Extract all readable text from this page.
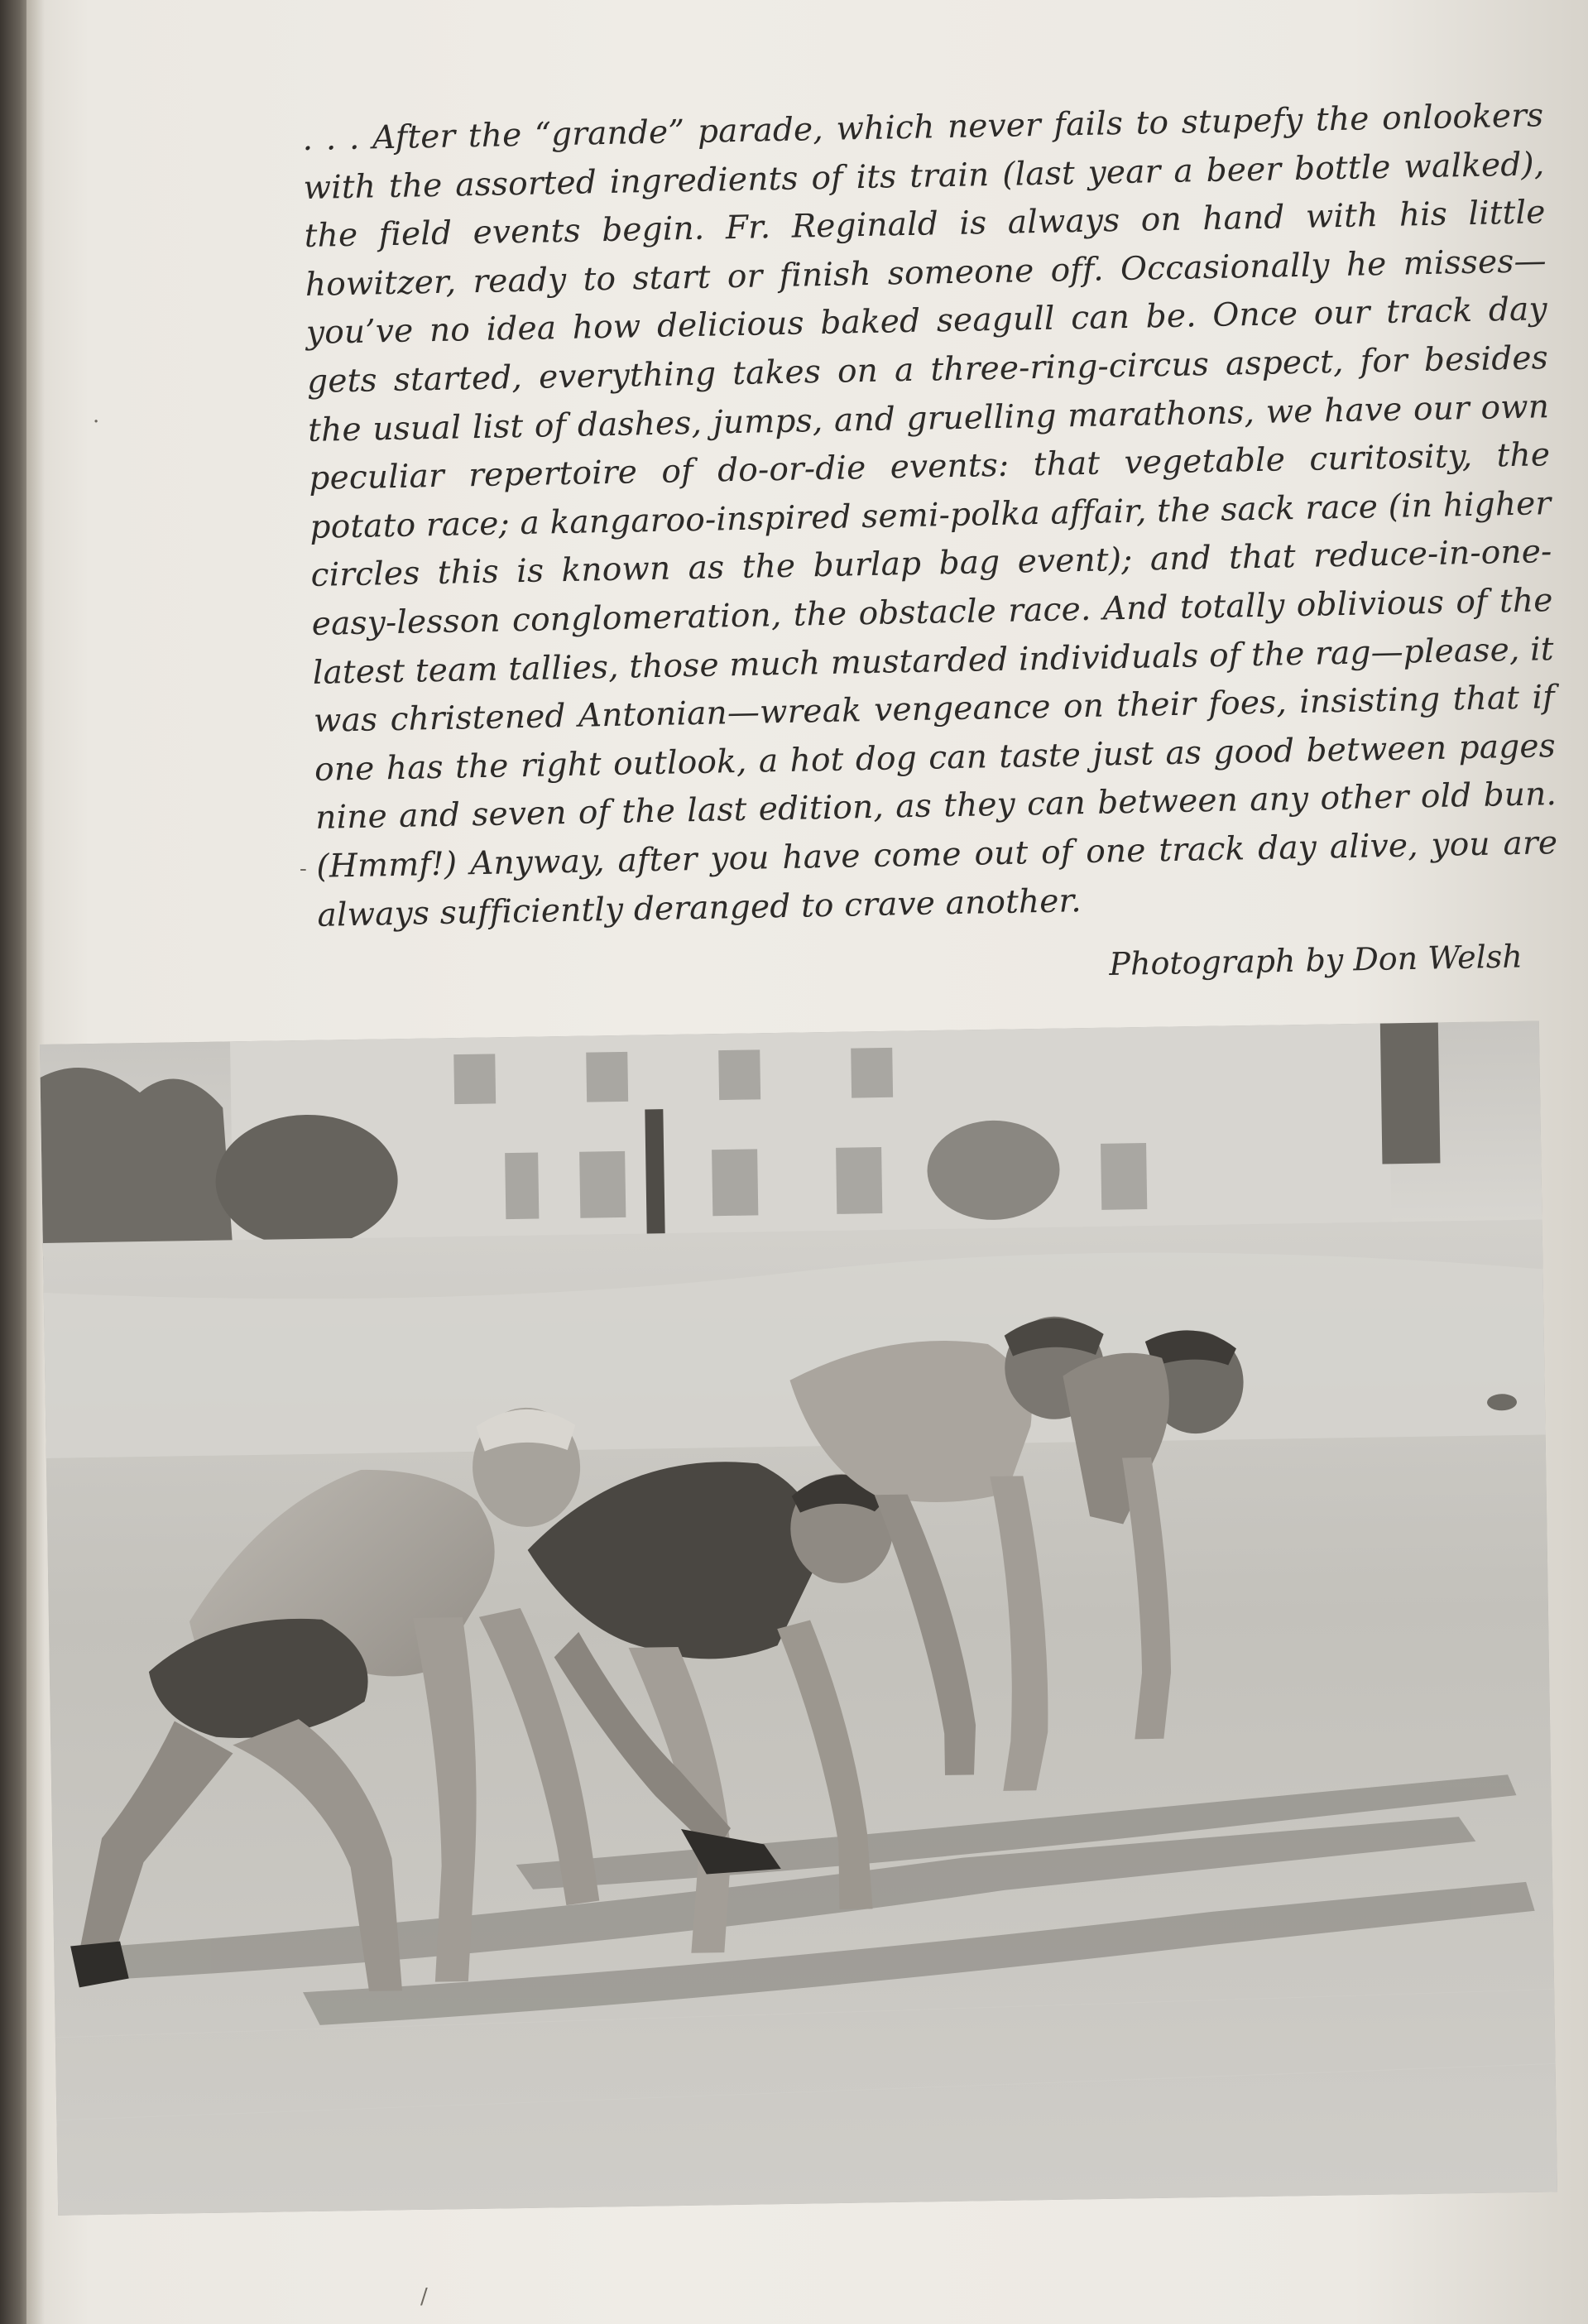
. . . After the “grande” parade, which never fails to stupefy the onlookers with the assorted ingredients of its train (last year a beer bottle walked), the field events begin. Fr. Reginald is always on hand with his little howitzer, ready to start or finish someone off. Occasionally he misses—you’ve no idea how delicious baked seagull can be. Once our track day gets started, everything takes on a three-ring-circus aspect, for besides the usual list of dashes, jumps, and gruelling marathons, we have our own peculiar repertoire of do-or-die events: that vegetable curitosity, the potato race; a kangaroo-inspired semi-polka affair, the sack race (in higher circles this is known as the burlap bag event); and that reduce-in-one-easy-lesson conglomeration, the obstacle race. And totally oblivious of the latest team tallies, those much mustarded individuals of the rag—please, it was christened Antonian—wreak vengeance on their foes, insisting that if one has the right outlook, a hot dog can taste just as good between pages nine and seven of the last edition, as they can between any other old bun. (Hmmf!) Anyway, after you have come out of one track day alive, you are always sufficiently deranged to crave another.

Photograph by Don Welsh
·
-
/
